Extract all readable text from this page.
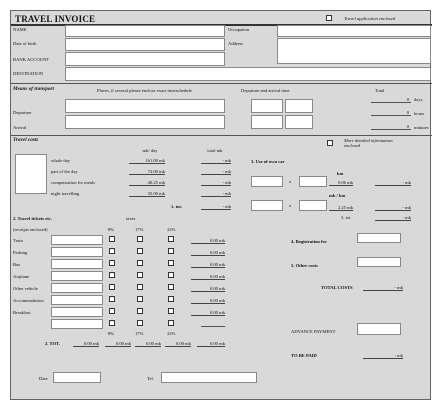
TRAVEL INVOICE	Travel application enclosed
NAME	Occupation
Date of birth	Address
BANK ACCOUNT
DESTINATION
Means of transport	Places, if several please enclose exact timeschedule	Departure and arrival time	Total
0 days
Departure	0 hours
Arrival	0 minutes
Travel costs	More detailed information
enclosed
mk/ day	total mk
whole day	161.00 mk	- mk
part of the day	72.00 mk	- mk
compensation for meals	40.25 mk	- mk
night travelling	35.00 mk	- mk
1. tot.	- mk
3. Use of own car
km
x	0.06 mk	- mk
mk / km
x	2.25 mk	- mk
3. tot.	- mk
2. Travel tickets etc.	taxes
(receipts enclosed)	8%	17%	22%
Train	0.00 mk
Parking	0.00 mk
Bus	0.00 mk
Airplane	0.00 mk
Other vehicle	0.00 mk
Accommodation	0.00 mk
Breakfast	0.00 mk
8%	17%	22%
2. TOT.	0.00 mk	0.00 mk	0.00 mk	0.00 mk	0.00 mk
4. Registration fee
5. Other costs
TOTAL COSTS	- mk
ADVANCE PAYMENT
TO BE PAID	- mk
Date	Tel.
